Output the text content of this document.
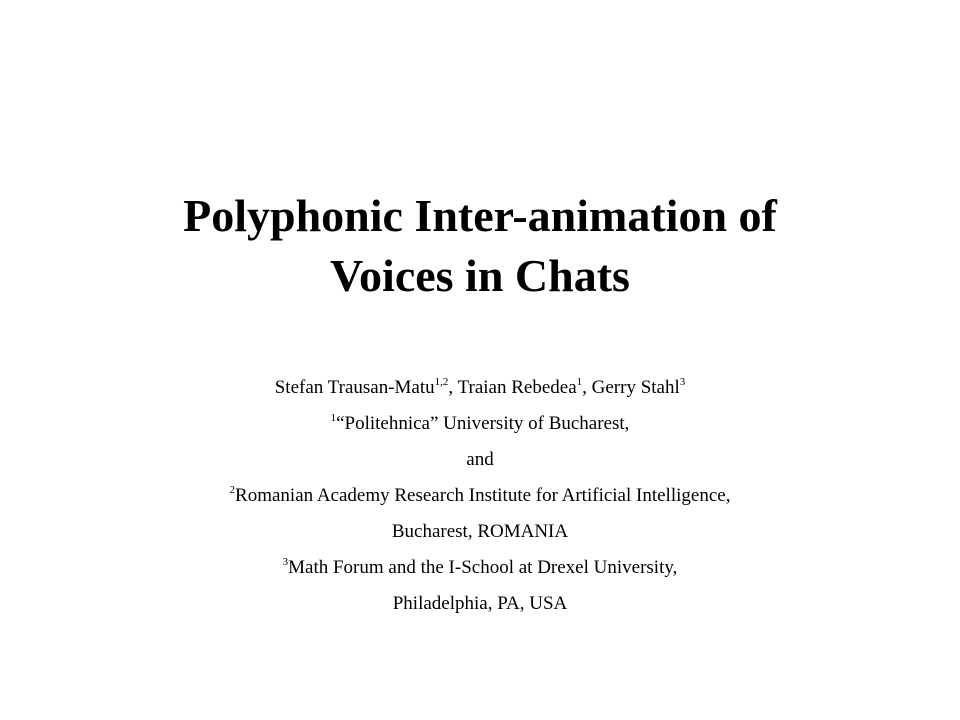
Polyphonic Inter-animation of
Voices in Chats
Stefan Trausan-Matu$^{1,2}$, Traian Rebedea$^1$, Gerry Stahl$^3$
$^1$“Politehnica” University of Bucharest,
and
$^2$Romanian Academy Research Institute for Artificial Intelligence,
Bucharest, ROMANIA
$^3$Math Forum and the I-School at Drexel University,
Philadelphia, PA, USA
